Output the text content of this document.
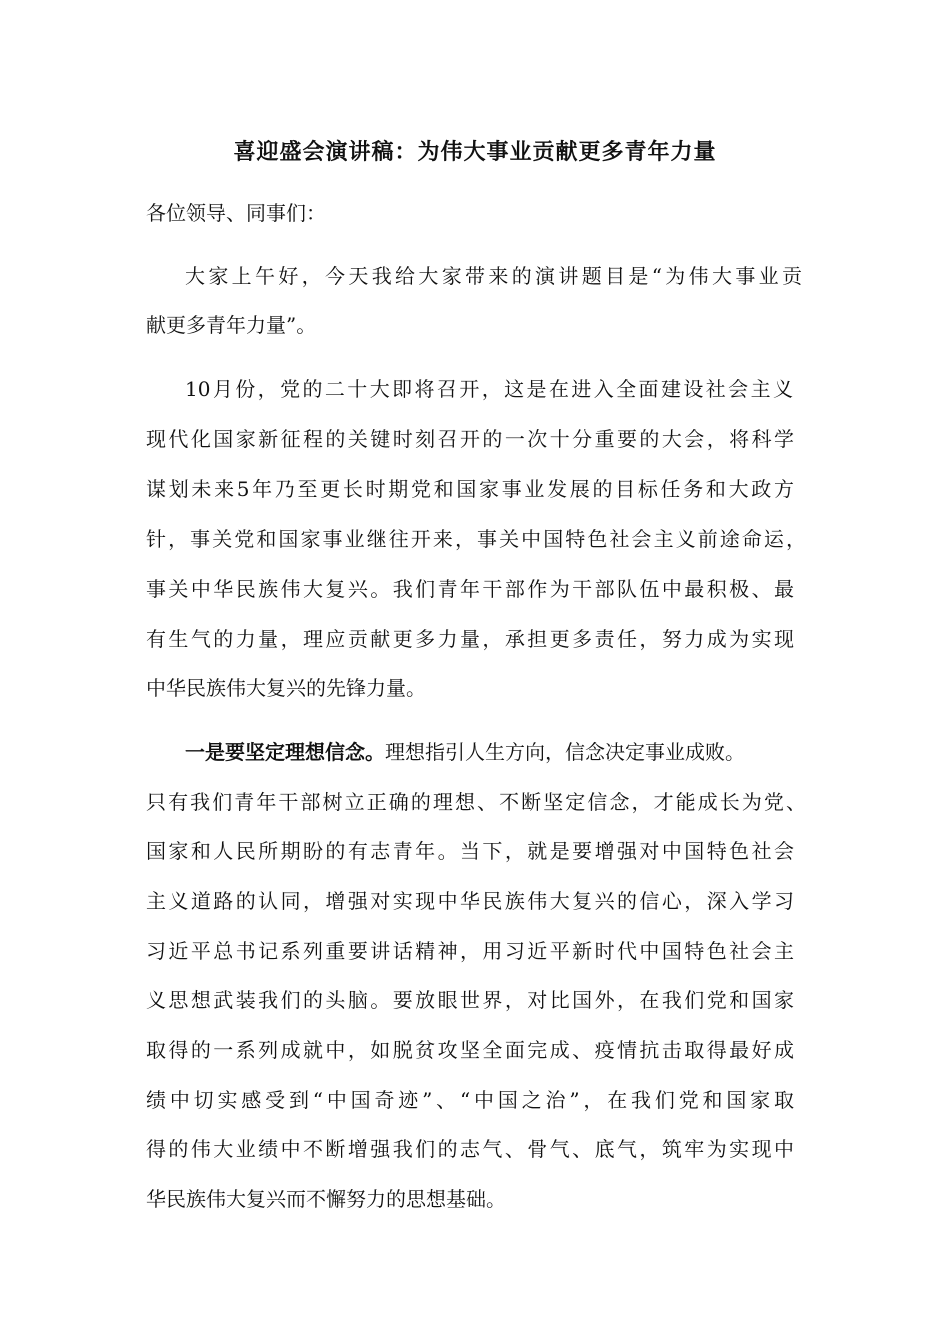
喜迎盛会演讲稿：为伟大事业贡献更多青年力量
各位领导、同事们：
大家上午好，今天我给大家带来的演讲题目是“为伟大事业贡
献更多青年力量”。
10月份，党的二十大即将召开，这是在进入全面建设社会主义
现代化国家新征程的关键时刻召开的一次十分重要的大会，将科学
谋划未来5年乃至更长时期党和国家事业发展的目标任务和大政方
针，事关党和国家事业继往开来，事关中国特色社会主义前途命运，
事关中华民族伟大复兴。我们青年干部作为干部队伍中最积极、最
有生气的力量，理应贡献更多力量，承担更多责任，努力成为实现
中华民族伟大复兴的先锋力量。
一是要坚定理想信念。理想指引人生方向，信念决定事业成败。
只有我们青年干部树立正确的理想、不断坚定信念，才能成长为党、
国家和人民所期盼的有志青年。当下，就是要增强对中国特色社会
主义道路的认同，增强对实现中华民族伟大复兴的信心，深入学习
习近平总书记系列重要讲话精神，用习近平新时代中国特色社会主
义思想武装我们的头脑。要放眼世界，对比国外，在我们党和国家
取得的一系列成就中，如脱贫攻坚全面完成、疫情抗击取得最好成
绩中切实感受到“中国奇迹”、“中国之治”，在我们党和国家取
得的伟大业绩中不断增强我们的志气、骨气、底气，筑牢为实现中
华民族伟大复兴而不懈努力的思想基础。
